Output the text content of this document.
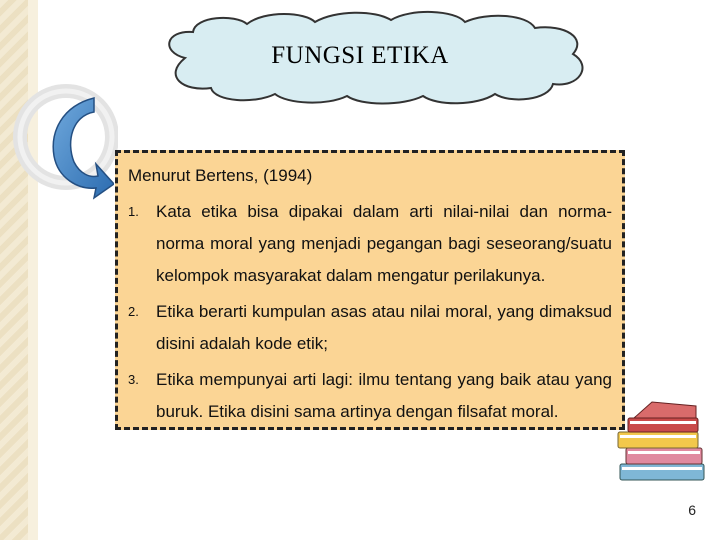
FUNGSI ETIKA

Menurut Bertens, (1994)

1. Kata etika bisa dipakai dalam arti nilai-nilai dan norma-norma moral yang menjadi pegangan bagi seseorang/suatu kelompok masyarakat dalam mengatur perilakunya.
2. Etika berarti kumpulan asas atau nilai moral, yang dimaksud disini adalah kode etik;
3. Etika mempunyai arti lagi: ilmu tentang yang baik atau yang buruk. Etika disini sama artinya dengan filsafat moral.
6
